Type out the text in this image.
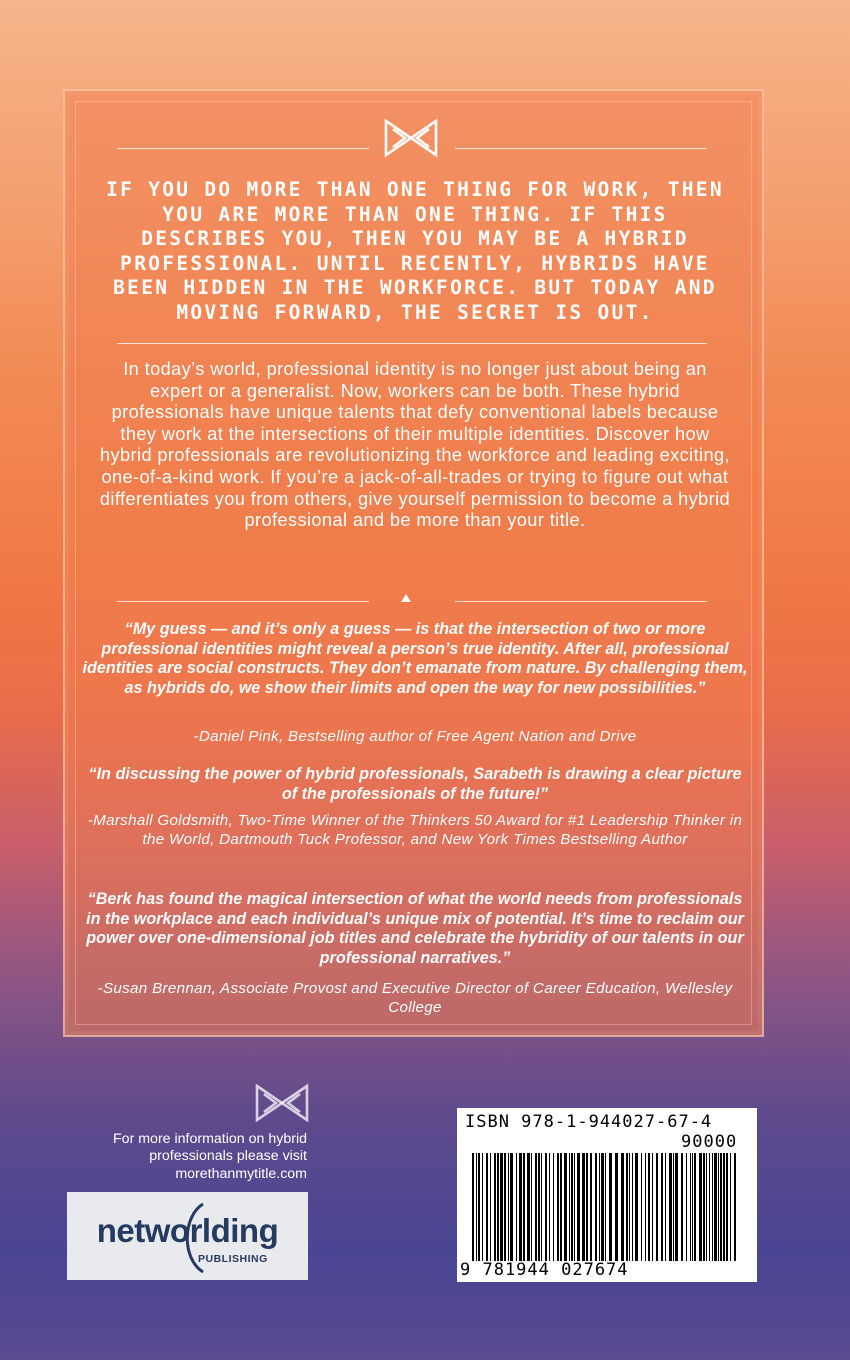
IF YOU DO MORE THAN ONE THING FOR WORK, THEN YOU ARE MORE THAN ONE THING. IF THIS DESCRIBES YOU, THEN YOU MAY BE A HYBRID PROFESSIONAL. UNTIL RECENTLY, HYBRIDS HAVE BEEN HIDDEN IN THE WORKFORCE. BUT TODAY AND MOVING FORWARD, THE SECRET IS OUT.
In today’s world, professional identity is no longer just about being an expert or a generalist. Now, workers can be both. These hybrid professionals have unique talents that defy conventional labels because they work at the intersections of their multiple identities. Discover how hybrid professionals are revolutionizing the workforce and leading exciting, one-of-a-kind work. If you’re a jack-of-all-trades or trying to figure out what differentiates you from others, give yourself permission to become a hybrid professional and be more than your title.
“My guess — and it’s only a guess — is that the intersection of two or more professional identities might reveal a person’s true identity. After all, professional identities are social constructs. They don’t emanate from nature. By challenging them, as hybrids do, we show their limits and open the way for new possibilities.”
-Daniel Pink, Bestselling author of Free Agent Nation and Drive
“In discussing the power of hybrid professionals, Sarabeth is drawing a clear picture of the professionals of the future!”
-Marshall Goldsmith, Two-Time Winner of the Thinkers 50 Award for #1 Leadership Thinker in the World, Dartmouth Tuck Professor, and New York Times Bestselling Author
“Berk has found the magical intersection of what the world needs from professionals in the workplace and each individual’s unique mix of potential. It’s time to reclaim our power over one-dimensional job titles and celebrate the hybridity of our talents in our professional narratives.”
-Susan Brennan, Associate Provost and Executive Director of Career Education, Wellesley College
For more information on hybrid
professionals please visit
morethanmytitle.com
networlding
PUBLISHING
ISBN 978-1-944027-67-4
90000
9 781944 027674
